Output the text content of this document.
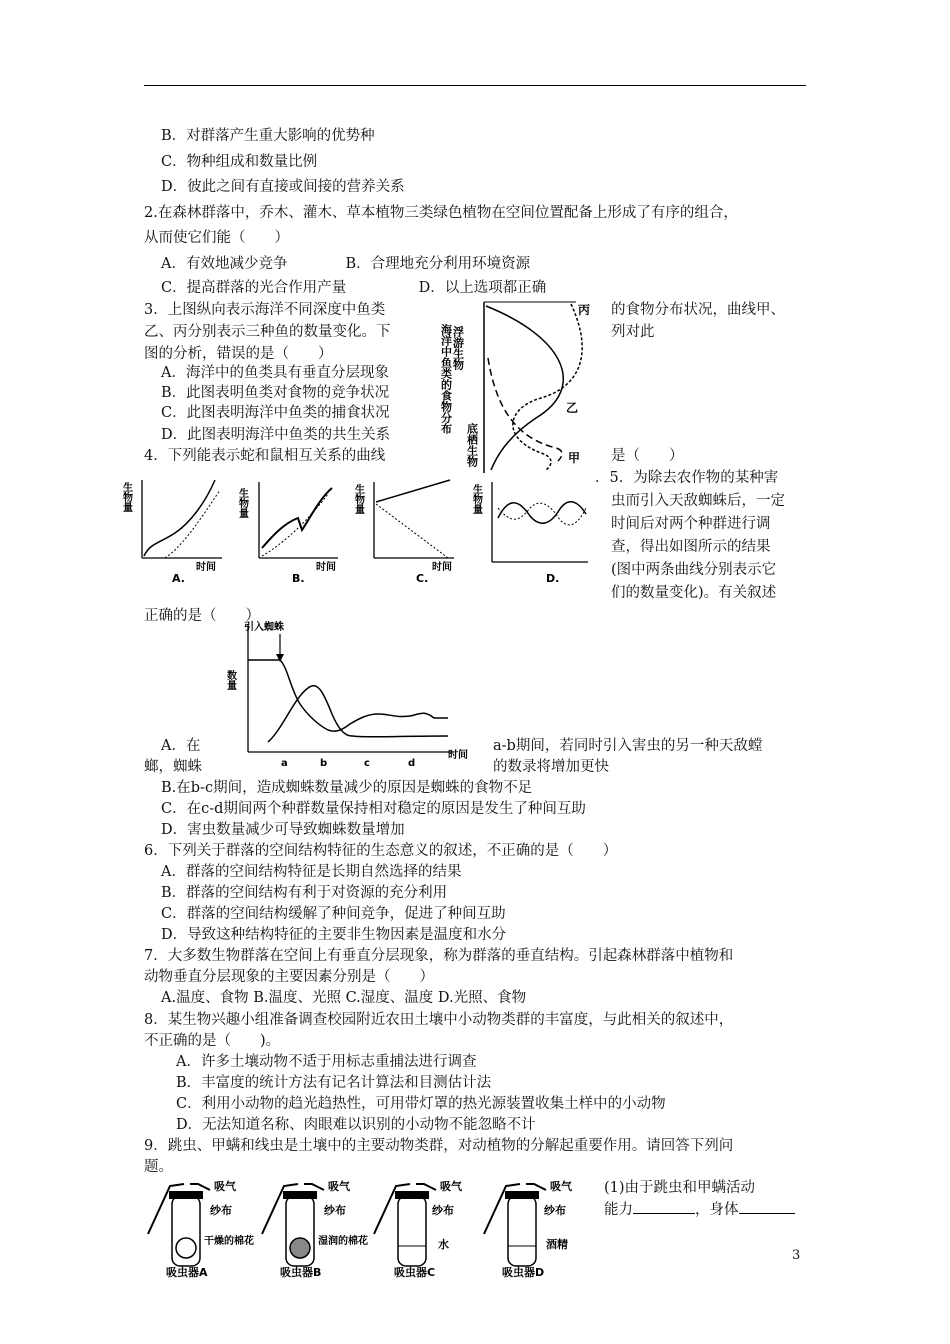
B．对群落产生重大影响的优势种
C．物种组成和数量比例
D．彼此之间有直接或间接的营养关系
2.在森林群落中，乔木、灌木、草本植物三类绿色植物在空间位置配备上形成了有序的组合，
从而使它们能（　　）
A．有效地减少竞争　　　　B．合理地充分利用环境资源
C．提高群落的光合作用产量　　　　　D．以上选项都正确
3．上图纵向表示海洋不同深度中鱼类	的食物分布状况，曲线甲、
乙、丙分别表示三种鱼的数量变化。下	列对此
图的分析，错误的是（　　）
A．海洋中的鱼类具有垂直分层现象
B．此图表明鱼类对食物的竞争状况
C．此图表明海洋中鱼类的捕食状况
D．此图表明海洋中鱼类的共生关系
浮游生物
海洋中鱼类的食物分布
底栖生物
丙
乙
甲
4．下列能表示蛇和鼠相互关系的曲线	是（　　）
生物量
时间
A.
生物量
时间
B.
生物量
时间
C.
生物量
D.
．5．为除去农作物的某种害
虫而引入天敌蜘蛛后，一定
时间后对两个种群进行调
查，得出如图所示的结果
(图中两条曲线分别表示它
们的数量变化)。有关叙述
正确的是（　　）
引入蜘蛛
数量
a	b	c	d
时间
A．在	a-b期间，若同时引入害虫的另一种天敌螳
螂，蜘蛛	的数录将增加更快
B.在b-c期间，造成蜘蛛数量减少的原因是蜘蛛的食物不足
C．在c-d期间两个种群数量保持相对稳定的原因是发生了种间互助
D．害虫数量减少可导致蜘蛛数量增加
6．下列关于群落的空间结构特征的生态意义的叙述，不正确的是（　　）
A．群落的空间结构特征是长期自然选择的结果
B．群落的空间结构有利于对资源的充分利用
C．群落的空间结构缓解了种间竞争，促进了种间互助
D．导致这种结构特征的主要非生物因素是温度和水分
7．大多数生物群落在空间上有垂直分层现象，称为群落的垂直结构。引起森林群落中植物和
动物垂直分层现象的主要因素分别是（　　）
A.温度、食物 B.温度、光照 C.湿度、温度 D.光照、食物
8．某生物兴趣小组准备调查校园附近农田土壤中小动物类群的丰富度，与此相关的叙述中，
不正确的是（　　)。
A．许多土壤动物不适于用标志重捕法进行调查
B．丰富度的统计方法有记名计算法和目测估计法
C．利用小动物的趋光趋热性，可用带灯罩的热光源装置收集土样中的小动物
D．无法知道名称、肉眼难以识别的小动物不能忽略不计
9．跳虫、甲螨和线虫是土壤中的主要动物类群，对动植物的分解起重要作用。请回答下列问
题。
(1)由于跳虫和甲螨活动
能力	，身体
吸气
纱布
干燥的棉花
吸虫器A
吸气
纱布
湿润的棉花
吸虫器B
吸气
纱布
水
吸虫器C
吸气
纱布
酒精
吸虫器D
3
